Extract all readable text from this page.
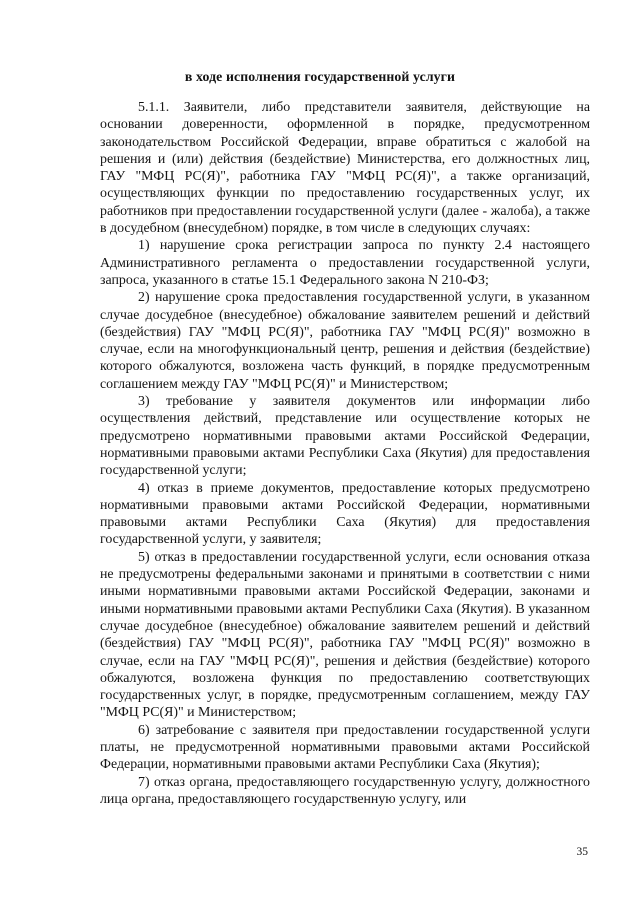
в ходе исполнения государственной услуги

5.1.1. Заявители, либо представители заявителя, действующие на основании доверенности, оформленной в порядке, предусмотренном законодательством Российской Федерации, вправе обратиться с жалобой на решения и (или) действия (бездействие) Министерства, его должностных лиц, ГАУ "МФЦ РС(Я)", работника ГАУ "МФЦ РС(Я)", а также организаций, осуществляющих функции по предоставлению государственных услуг, их работников при предоставлении государственной услуги (далее - жалоба), а также в досудебном (внесудебном) порядке, в том числе в следующих случаях:

1) нарушение срока регистрации запроса по пункту 2.4 настоящего Административного регламента о предоставлении государственной услуги, запроса, указанного в статье 15.1 Федерального закона N 210-ФЗ;

2) нарушение срока предоставления государственной услуги, в указанном случае досудебное (внесудебное) обжалование заявителем решений и действий (бездействия) ГАУ "МФЦ РС(Я)", работника ГАУ "МФЦ РС(Я)" возможно в случае, если на многофункциональный центр, решения и действия (бездействие) которого обжалуются, возложена часть функций, в порядке предусмотренным соглашением между ГАУ "МФЦ РС(Я)" и Министерством;

3) требование у заявителя документов или информации либо осуществления действий, представление или осуществление которых не предусмотрено нормативными правовыми актами Российской Федерации, нормативными правовыми актами Республики Саха (Якутия) для предоставления государственной услуги;

4) отказ в приеме документов, предоставление которых предусмотрено нормативными правовыми актами Российской Федерации, нормативными правовыми актами Республики Саха (Якутия) для предоставления государственной услуги, у заявителя;

5) отказ в предоставлении государственной услуги, если основания отказа не предусмотрены федеральными законами и принятыми в соответствии с ними иными нормативными правовыми актами Российской Федерации, законами и иными нормативными правовыми актами Республики Саха (Якутия). В указанном случае досудебное (внесудебное) обжалование заявителем решений и действий (бездействия) ГАУ "МФЦ РС(Я)", работника ГАУ "МФЦ РС(Я)" возможно в случае, если на ГАУ "МФЦ РС(Я)", решения и действия (бездействие) которого обжалуются, возложена функция по предоставлению соответствующих государственных услуг, в порядке, предусмотренным соглашением, между ГАУ "МФЦ РС(Я)" и Министерством;

6) затребование с заявителя при предоставлении государственной услуги платы, не предусмотренной нормативными правовыми актами Российской Федерации, нормативными правовыми актами Республики Саха (Якутия);

7) отказ органа, предоставляющего государственную услугу, должностного лица органа, предоставляющего государственную услугу, или

35
